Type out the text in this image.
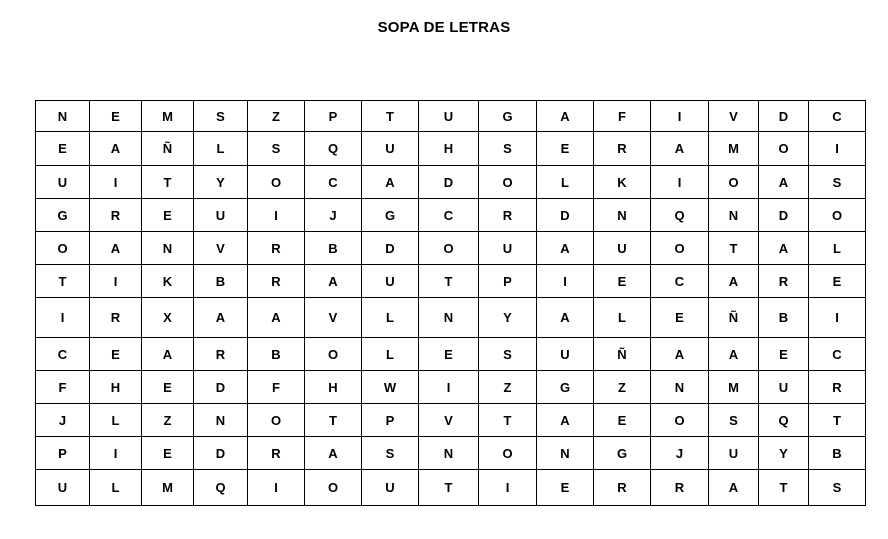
SOPA DE LETRAS
N	E	M	S	Z	P	T	U	G	A	F	I	V	D	C
E	A	Ñ	L	S	Q	U	H	S	E	R	A	M	O	I
U	I	T	Y	O	C	A	D	O	L	K	I	O	A	S
G	R	E	U	I	J	G	C	R	D	N	Q	N	D	O
O	A	N	V	R	B	D	O	U	A	U	O	T	A	L
T	I	K	B	R	A	U	T	P	I	E	C	A	R	E
I	R	X	A	A	V	L	N	Y	A	L	E	Ñ	B	I
C	E	A	R	B	O	L	E	S	U	Ñ	A	A	E	C
F	H	E	D	F	H	W	I	Z	G	Z	N	M	U	R
J	L	Z	N	O	T	P	V	T	A	E	O	S	Q	T
P	I	E	D	R	A	S	N	O	N	G	J	U	Y	B
U	L	M	Q	I	O	U	T	I	E	R	R	A	T	S
